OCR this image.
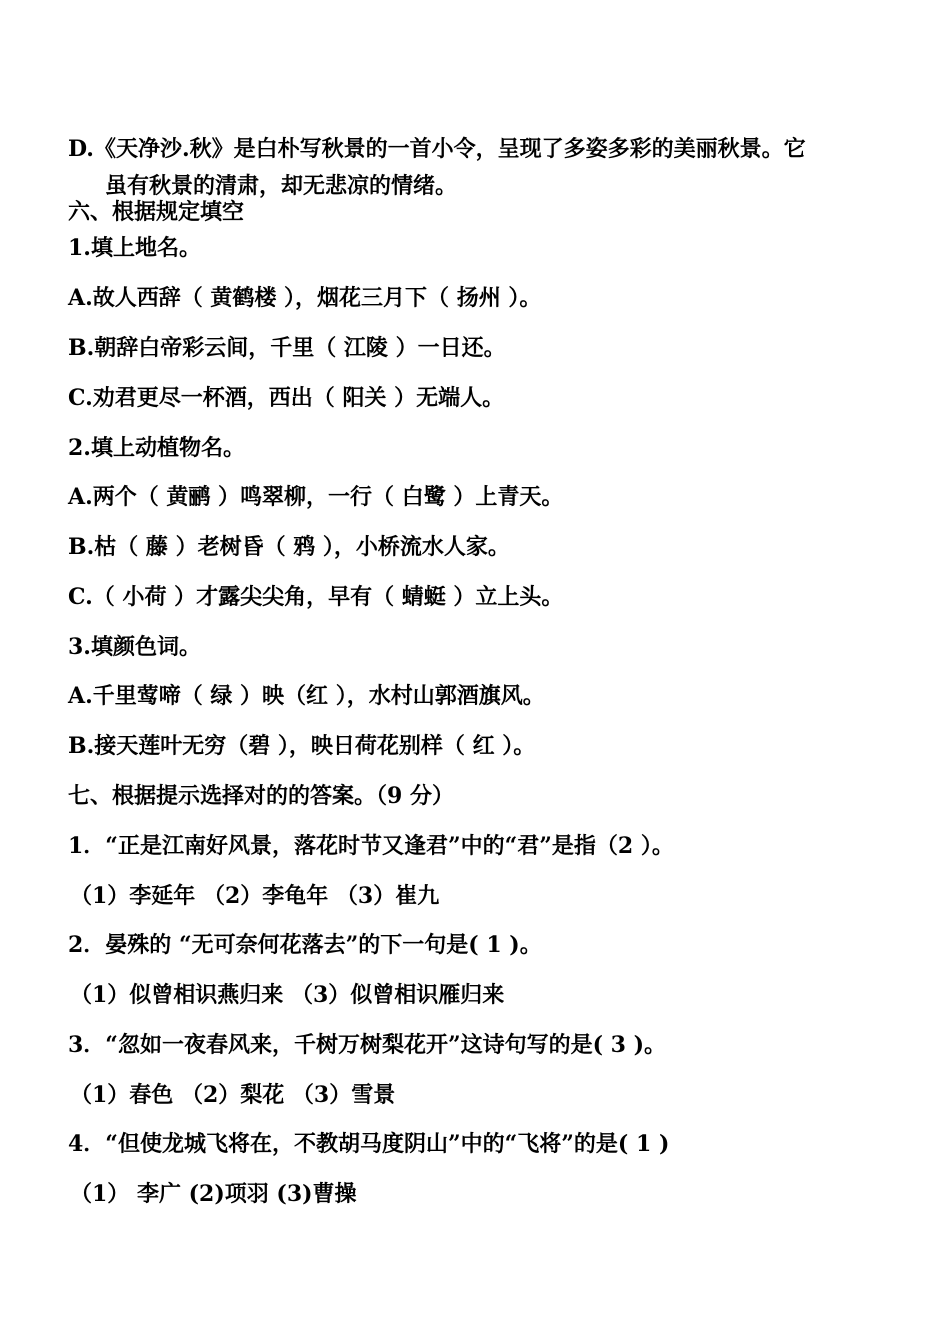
D.《天净沙.秋》是白朴写秋景的一首小令，呈现了多姿多彩的美丽秋景。它
虽有秋景的清肃，却无悲凉的情绪。
六、根据规定填空
1.填上地名。
A.故人西辞（ 黄鹤楼 ），烟花三月下（ 扬州 ）。
B.朝辞白帝彩云间，千里（ 江陵 ）一日还。
C.劝君更尽一杯酒，西出（ 阳关 ）无端人。
2.填上动植物名。
A.两个（ 黄鹂 ）鸣翠柳，一行（ 白鹭 ）上青天。
B.枯（ 藤 ）老树昏（ 鸦 ），小桥流水人家。
C.（ 小荷 ）才露尖尖角，早有（ 蜻蜓 ）立上头。
3.填颜色词。
A.千里莺啼（ 绿 ）映（红 ），水村山郭酒旗风。
B.接天莲叶无穷（碧 ），映日荷花别样（ 红 ）。
七、根据提示选择对的的答案。（9 分）
1．“正是江南好风景，落花时节又逢君”中的“君”是指（2 ）。
（1）李延年 （2）李龟年 （3）崔九
2．晏殊的 “无可奈何花落去”的下一句是( 1 )。
（1）似曾相识燕归来 （3）似曾相识雁归来
3．“忽如一夜春风来，千树万树梨花开”这诗句写的是( 3 )。
（1）春色 （2）梨花 （3）雪景
4．“但使龙城飞将在，不教胡马度阴山”中的“飞将”的是( 1 )
（1） 李广 (2)项羽 (3)曹操
